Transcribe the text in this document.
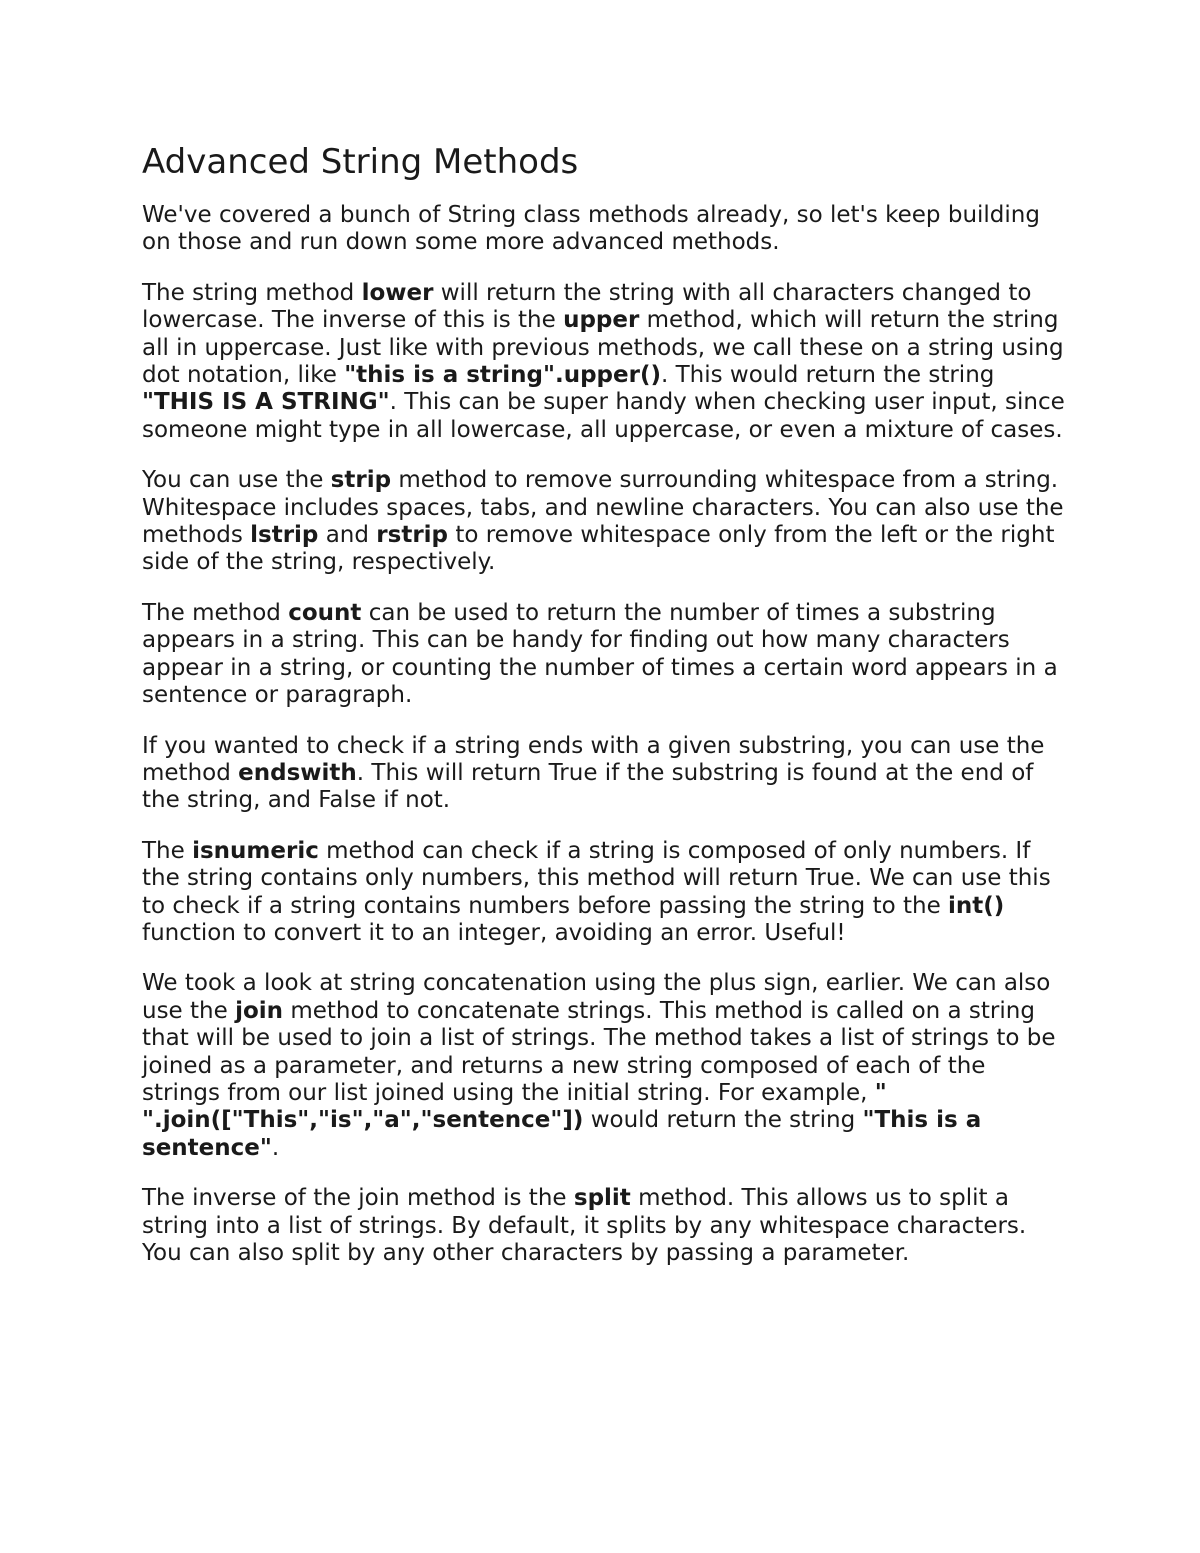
Advanced String Methods

We've covered a bunch of String class methods already, so let's keep building on those and run down some more advanced methods.

The string method lower will return the string with all characters changed to lowercase. The inverse of this is the upper method, which will return the string all in uppercase. Just like with previous methods, we call these on a string using dot notation, like "this is a string".upper(). This would return the string "THIS IS A STRING". This can be super handy when checking user input, since someone might type in all lowercase, all uppercase, or even a mixture of cases.

You can use the strip method to remove surrounding whitespace from a string. Whitespace includes spaces, tabs, and newline characters. You can also use the methods lstrip and rstrip to remove whitespace only from the left or the right side of the string, respectively.

The method count can be used to return the number of times a substring appears in a string. This can be handy for finding out how many characters appear in a string, or counting the number of times a certain word appears in a sentence or paragraph.

If you wanted to check if a string ends with a given substring, you can use the method endswith. This will return True if the substring is found at the end of the string, and False if not.

The isnumeric method can check if a string is composed of only numbers. If the string contains only numbers, this method will return True. We can use this to check if a string contains numbers before passing the string to the int() function to convert it to an integer, avoiding an error. Useful!

We took a look at string concatenation using the plus sign, earlier. We can also use the join method to concatenate strings. This method is called on a string that will be used to join a list of strings. The method takes a list of strings to be joined as a parameter, and returns a new string composed of each of the strings from our list joined using the initial string. For example, " ".join(["This","is","a","sentence"]) would return the string "This is a sentence".

The inverse of the join method is the split method. This allows us to split a string into a list of strings. By default, it splits by any whitespace characters. You can also split by any other characters by passing a parameter.
